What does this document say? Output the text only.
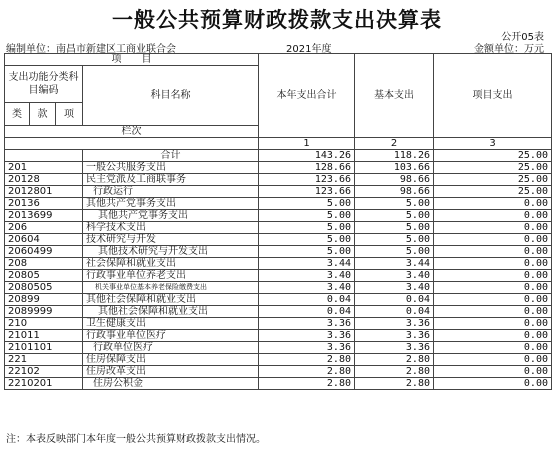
一般公共预算财政拨款支出决算表
公开05表
编制单位：南昌市新建区工商业联合会	2021年度	金额单位：万元
项　　目				本年支出合计	基本支出	项目支出
支出功能分类科目编码			科目名称			
类	款	项				
栏次						
				1	2	3
			合计	143.26	118.26	25.00
201			一般公共服务支出	128.66	103.66	25.00
20128			民主党派及工商联事务	123.66	98.66	25.00
2012801			行政运行	123.66	98.66	25.00
20136			其他共产党事务支出	5.00	5.00	0.00
2013699			其他共产党事务支出	5.00	5.00	0.00
206			科学技术支出	5.00	5.00	0.00
20604			技术研究与开发	5.00	5.00	0.00
2060499			其他技术研究与开发支出	5.00	5.00	0.00
208			社会保障和就业支出	3.44	3.44	0.00
20805			行政事业单位养老支出	3.40	3.40	0.00
2080505			机关事业单位基本养老保险缴费支出	3.40	3.40	0.00
20899			其他社会保障和就业支出	0.04	0.04	0.00
2089999			其他社会保障和就业支出	0.04	0.04	0.00
210			卫生健康支出	3.36	3.36	0.00
21011			行政事业单位医疗	3.36	3.36	0.00
2101101			行政单位医疗	3.36	3.36	0.00
221			住房保障支出	2.80	2.80	0.00
22102			住房改革支出	2.80	2.80	0.00
2210201			住房公积金	2.80	2.80	0.00
注：本表反映部门本年度一般公共预算财政拨款支出情况。
